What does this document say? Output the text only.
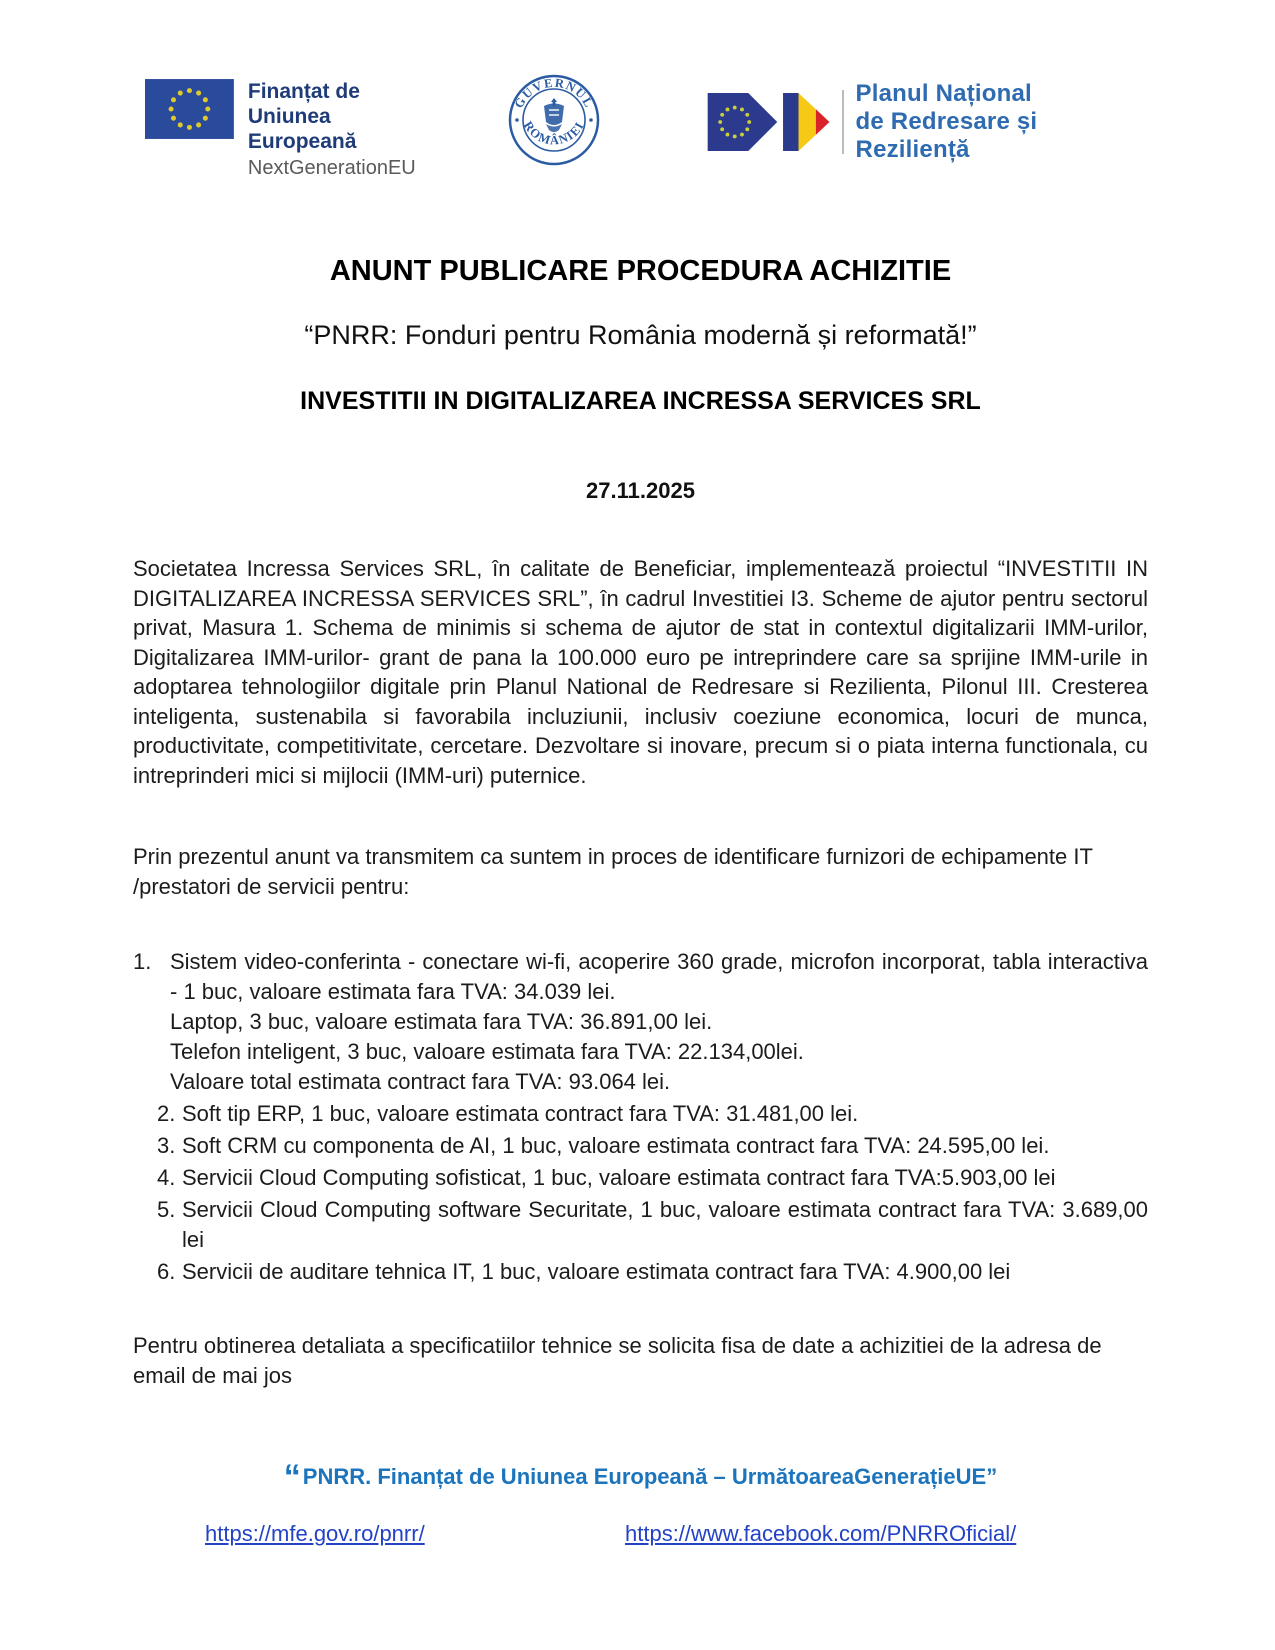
Finanțat de
Uniunea Europeană
NextGenerationEU
GUVERNUL
ROMÂNIEI
Planul Național
de Redresare și Reziliență
ANUNT PUBLICARE PROCEDURA ACHIZITIE
“PNRR: Fonduri pentru România modernă și reformată!”
INVESTITII IN DIGITALIZAREA INCRESSA SERVICES SRL
27.11.2025
Societatea Incressa Services SRL, în calitate de Beneficiar, implementează proiectul “INVESTITII IN DIGITALIZAREA INCRESSA SERVICES SRL”, în cadrul Investitiei I3. Scheme de ajutor pentru sectorul privat, Masura 1. Schema de minimis si schema de ajutor de stat in contextul digitalizarii IMM-urilor, Digitalizarea IMM-urilor- grant de pana la 100.000 euro pe intreprindere care sa sprijine IMM-urile in adoptarea tehnologiilor digitale prin Planul National de Redresare si Rezilienta, Pilonul III. Cresterea inteligenta, sustenabila si favorabila incluziunii, inclusiv coeziune economica, locuri de munca, productivitate, competitivitate, cercetare. Dezvoltare si inovare, precum si o piata interna functionala, cu intreprinderi mici si mijlocii (IMM-uri) puternice.
Prin prezentul anunt va transmitem ca suntem in proces de identificare furnizori de echipamente IT /prestatori de servicii pentru:
1. Sistem video-conferinta - conectare wi-fi, acoperire 360 grade, microfon incorporat, tabla interactiva - 1 buc, valoare estimata fara TVA: 34.039 lei.
Laptop, 3 buc, valoare estimata fara TVA: 36.891,00 lei.
Telefon inteligent, 3 buc, valoare estimata fara TVA: 22.134,00lei.
Valoare total estimata contract fara TVA: 93.064 lei.
2. Soft tip ERP, 1 buc, valoare estimata contract fara TVA: 31.481,00 lei.
3. Soft CRM cu componenta de AI, 1 buc, valoare estimata contract fara TVA: 24.595,00 lei.
4. Servicii Cloud Computing sofisticat, 1 buc, valoare estimata contract fara TVA:5.903,00 lei
5. Servicii Cloud Computing software Securitate, 1 buc, valoare estimata contract fara TVA: 3.689,00 lei
6. Servicii de auditare tehnica IT, 1 buc, valoare estimata contract fara TVA: 4.900,00 lei
Pentru obtinerea detaliata a specificatiilor tehnice se solicita fisa de date a achizitiei de la adresa de email de mai jos
“PNRR. Finanțat de Uniunea Europeană – UrmătoareaGenerațieUE”
https://mfe.gov.ro/pnrr/	https://www.facebook.com/PNRROficial/
